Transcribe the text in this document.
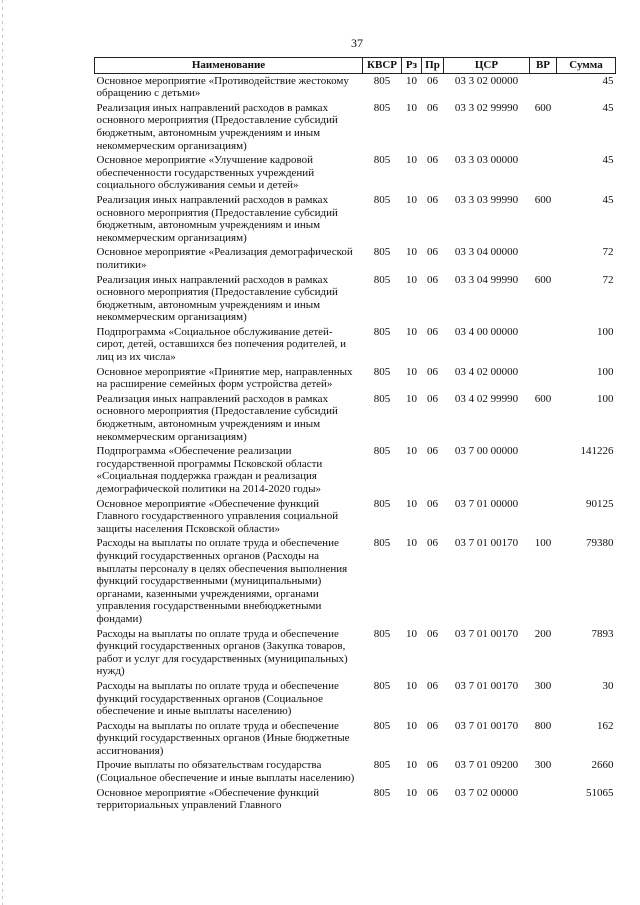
37
Наименование	КВСР	Рз	Пр	ЦСР	ВР	Сумма
Основное мероприятие «Противодействие жестокому обращению с детьми»	805	10	06	03 3 02 00000		45
Реализация иных направлений расходов в рамках основного мероприятия (Предоставление субсидий бюджетным, автономным учреждениям и иным некоммерческим организациям)	805	10	06	03 3 02 99990	600	45
Основное мероприятие «Улучшение кадровой обеспеченности государственных учреждений социального обслуживания семьи и детей»	805	10	06	03 3 03 00000		45
Реализация иных направлений расходов в рамках основного мероприятия (Предоставление субсидий бюджетным, автономным учреждениям и иным некоммерческим организациям)	805	10	06	03 3 03 99990	600	45
Основное мероприятие «Реализация демографической политики»	805	10	06	03 3 04 00000		72
Реализация иных направлений расходов в рамках основного мероприятия (Предоставление субсидий бюджетным, автономным учреждениям и иным некоммерческим организациям)	805	10	06	03 3 04 99990	600	72
Подпрограмма «Социальное обслуживание детей-сирот, детей, оставшихся без попечения родителей, и лиц из их числа»	805	10	06	03 4 00 00000		100
Основное мероприятие «Принятие мер, направленных на расширение семейных форм устройства детей»	805	10	06	03 4 02 00000		100
Реализация иных направлений расходов в рамках основного мероприятия (Предоставление субсидий бюджетным, автономным учреждениям и иным некоммерческим организациям)	805	10	06	03 4 02 99990	600	100
Подпрограмма «Обеспечение реализации государственной программы Псковской области «Социальная поддержка граждан и реализация демографической политики на 2014-2020 годы»	805	10	06	03 7 00 00000		141226
Основное мероприятие «Обеспечение функций Главного государственного управления социальной защиты населения Псковской области»	805	10	06	03 7 01 00000		90125
Расходы на выплаты по оплате труда и обеспечение функций государственных органов (Расходы на выплаты персоналу в целях обеспечения выполнения функций государственными (муниципальными) органами, казенными учреждениями, органами управления государственными внебюджетными фондами)	805	10	06	03 7 01 00170	100	79380
Расходы на выплаты по оплате труда и обеспечение функций государственных органов (Закупка товаров, работ и услуг для государственных (муниципальных) нужд)	805	10	06	03 7 01 00170	200	7893
Расходы на выплаты по оплате труда и обеспечение функций государственных органов (Социальное обеспечение и иные выплаты населению)	805	10	06	03 7 01 00170	300	30
Расходы на выплаты по оплате труда и обеспечение функций государственных органов (Иные бюджетные ассигнования)	805	10	06	03 7 01 00170	800	162
Прочие выплаты по обязательствам государства (Социальное обеспечение и иные выплаты населению)	805	10	06	03 7 01 09200	300	2660
Основное мероприятие «Обеспечение функций территориальных управлений Главного	805	10	06	03 7 02 00000		51065
